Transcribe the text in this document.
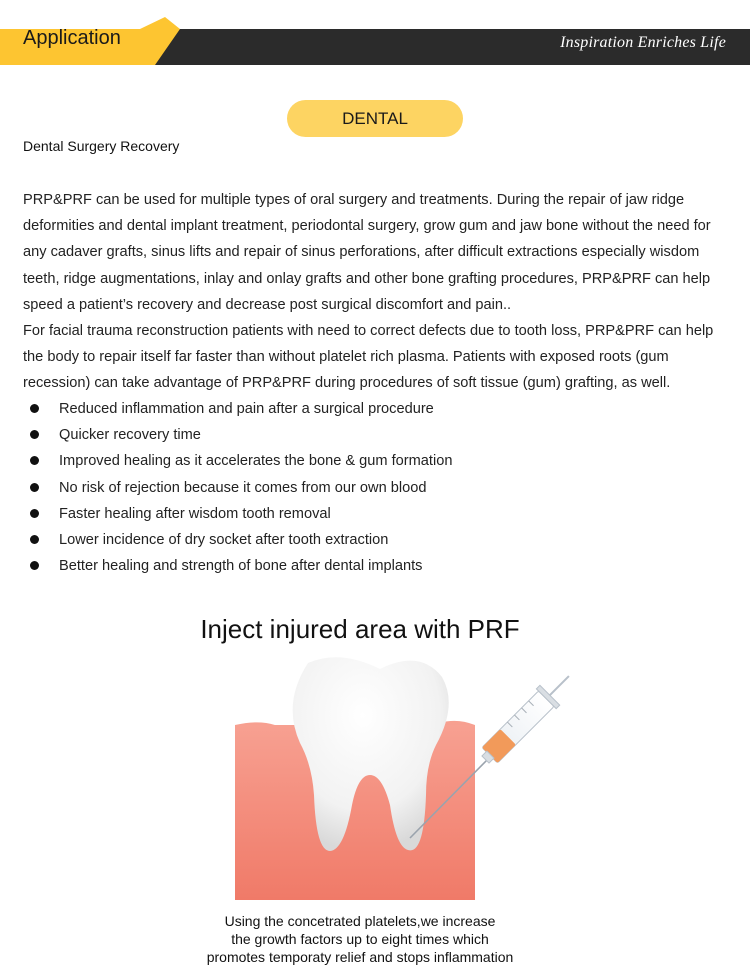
Application	Inspiration Enriches Life
DENTAL
Dental Surgery Recovery

PRP&PRF can be used for multiple types of oral surgery and treatments. During the repair of jaw ridge deformities and dental implant treatment, periodontal surgery, grow gum and jaw bone without the need for any cadaver grafts, sinus lifts and repair of sinus perforations, after difficult extractions especially wisdom teeth, ridge augmentations, inlay and onlay grafts and other bone grafting procedures, PRP&PRF can help speed a patient’s recovery and decrease post surgical discomfort and pain..

For facial trauma reconstruction patients with need to correct defects due to tooth loss, PRP&PRF can help the body to repair itself far faster than without platelet rich plasma. Patients with exposed roots (gum recession) can take advantage of PRP&PRF during procedures of soft tissue (gum) grafting, as well.

Reduced inflammation and pain after a surgical procedure
Quicker recovery time
Improved healing as it accelerates the bone & gum formation
No risk of rejection because it comes from our own blood
Faster healing after wisdom tooth removal
Lower incidence of dry socket after tooth extraction
Better healing and strength of bone after dental implants
Inject injured area with PRF
Using the concetrated platelets,we increase
the growth factors up to eight times which
promotes temporaty relief and stops inflammation
